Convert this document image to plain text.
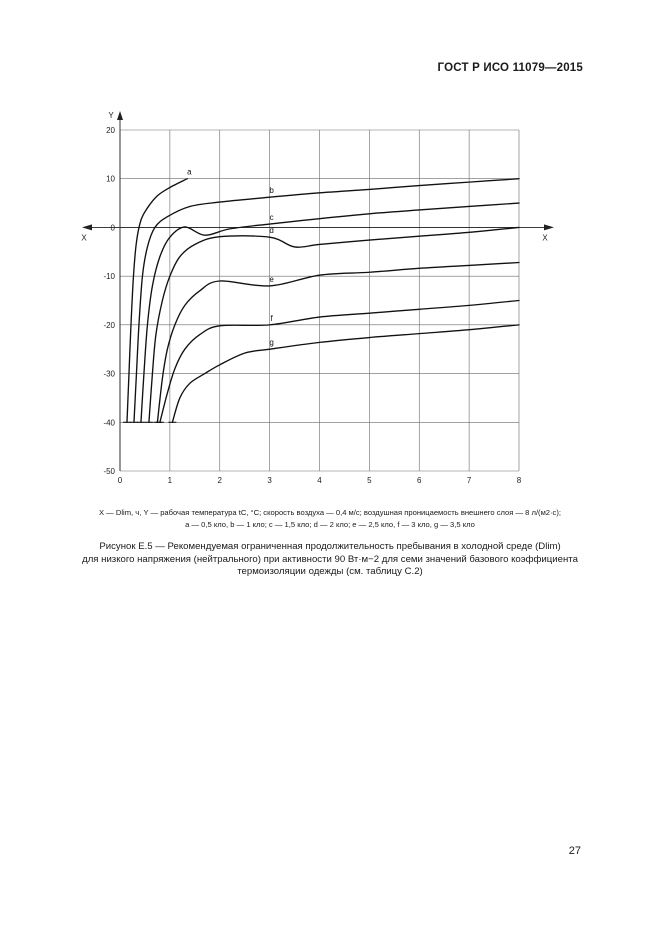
ГОСТ Р ИСО 11079—2015
Y
X
X
0	1	2	3	4	5	6	7	8
20
10
0
-10
-20
-30
-40
-50
a
b
c
d
e
f
g

X — Dlim, ч, Y — рабочая температура tC, °С; скорость воздуха — 0,4 м/с; воздушная проницаемость внешнего слоя — 8 л/(м2·с);

a — 0,5 кло, b — 1 кло; c — 1,5 кло; d — 2 кло; e — 2,5 кло, f — 3 кло, g — 3,5 кло

Рисунок Е.5 — Рекомендуемая ограниченная продолжительность пребывания в холодной среде (Dlim)

для низкого напряжения (нейтрального) при активности 90 Вт·м−2 для семи значений базового коэффициента

термоизоляции одежды (см. таблицу С.2)

27
